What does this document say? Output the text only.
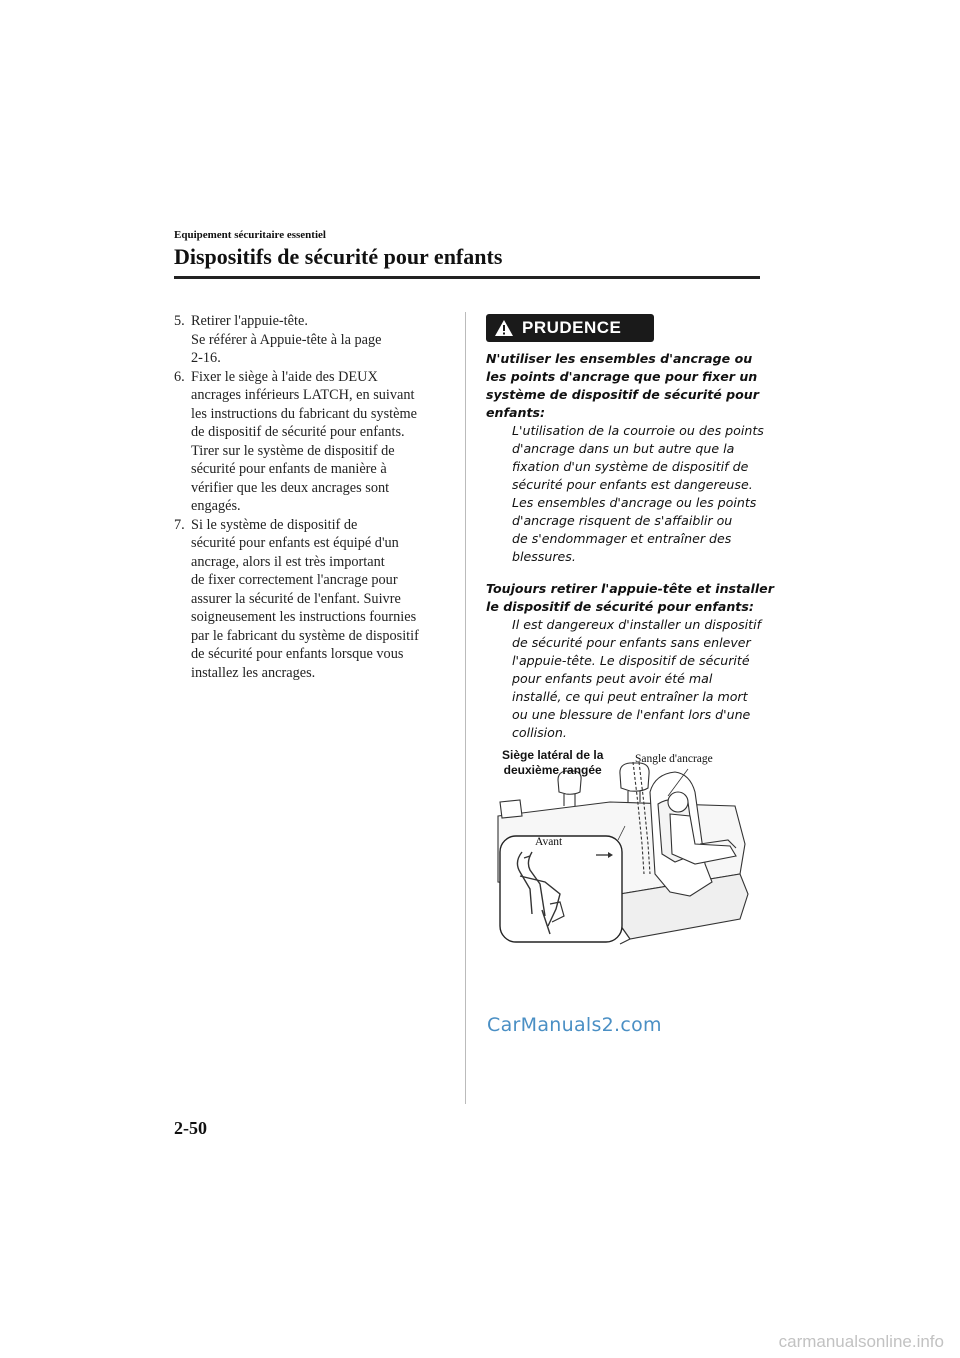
Equipement sécuritaire essentiel
Dispositifs de sécurité pour enfants
5. Retirer l'appuie-tête.
Se référer à Appuie-tête à la page
2-16.
6. Fixer le siège à l'aide des DEUX
ancrages inférieurs LATCH, en suivant
les instructions du fabricant du système
de dispositif de sécurité pour enfants.
Tirer sur le système de dispositif de
sécurité pour enfants de manière à
vérifier que les deux ancrages sont
engagés.
7. Si le système de dispositif de
sécurité pour enfants est équipé d'un
ancrage, alors il est très important
de fixer correctement l'ancrage pour
assurer la sécurité de l'enfant. Suivre
soigneusement les instructions fournies
par le fabricant du système de dispositif
de sécurité pour enfants lorsque vous
installez les ancrages.
PRUDENCE
N'utiliser les ensembles d'ancrage ou
les points d'ancrage que pour fixer un
système de dispositif de sécurité pour
enfants:
L'utilisation de la courroie ou des points
d'ancrage dans un but autre que la
fixation d'un système de dispositif de
sécurité pour enfants est dangereuse.
Les ensembles d'ancrage ou les points
d'ancrage risquent de s'affaiblir ou
de s'endommager et entraîner des
blessures.
Toujours retirer l'appuie-tête et installer
le dispositif de sécurité pour enfants:
Il est dangereux d'installer un dispositif
de sécurité pour enfants sans enlever
l'appuie-tête. Le dispositif de sécurité
pour enfants peut avoir été mal
installé, ce qui peut entraîner la mort
ou une blessure de l'enfant lors d'une
collision.
Siège latéral de la
deuxième rangée
Sangle d'ancrage
Avant
CarManuals2.com
2-50
carmanualsonline.info
